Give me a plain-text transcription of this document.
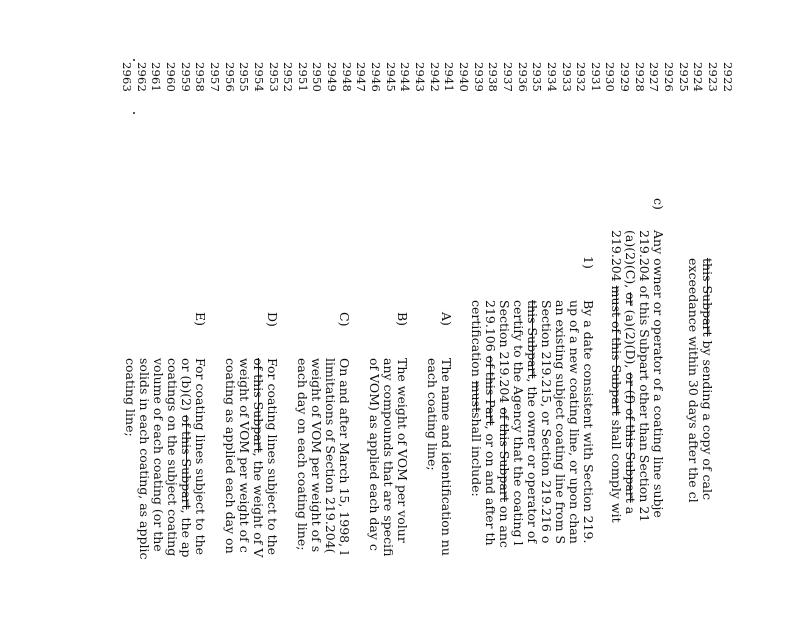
2922
2923
2924
2925
2926
2927
2928
2929
2930
2931
2932
2933
2934
2935
2936
2937
2938
2939
2940
2941
2942
2943
2944
2945
2946
2947
2948
2949
2950
2951
2952
2953
2954
2955
2956
2957
2958
2959
2960
2961
2962
2963
this Subpart by sending a copy of calc
exceedance within 30 days after the cl
c)
Any owner or operator of a coating line subje
219.204 of this Subpart other than Section 21
(a)(2)(C), or (a)(2)(D), or (f) of this Subpart a
219.204 must of this Subpart shall comply wit
1)
By a date consistent with Section 219.
up of a new coating line, or upon chan
an existing subject coating line from S
Section 219.215, or Section 219.216 o
this Subpart, the owner or operator of
certify to the Agency that the coating l
Section 219.204 of this Subpart on anc
219.106 of this Part, or on and after th
certification mustshall include:
A)
The name and identification nu
each coating line;
B)
The weight of VOM per volur
any compounds that are specifi
of VOM) as applied each day c
C)
On and after March 15, 1998, l
limitations of Section 219.204(
weight of VOM per weight of s
each day on each coating line;
D)
For coating lines subject to the
of this Subpart, the weight of V
weight of VOM per weight of c
coating as applied each day on
E)
For coating lines subject to the
or (b)(2) of this Subpart, the ap
coatings on the subject coating
volume of each coating (or the
solids in each coating, as applic
coating line;
